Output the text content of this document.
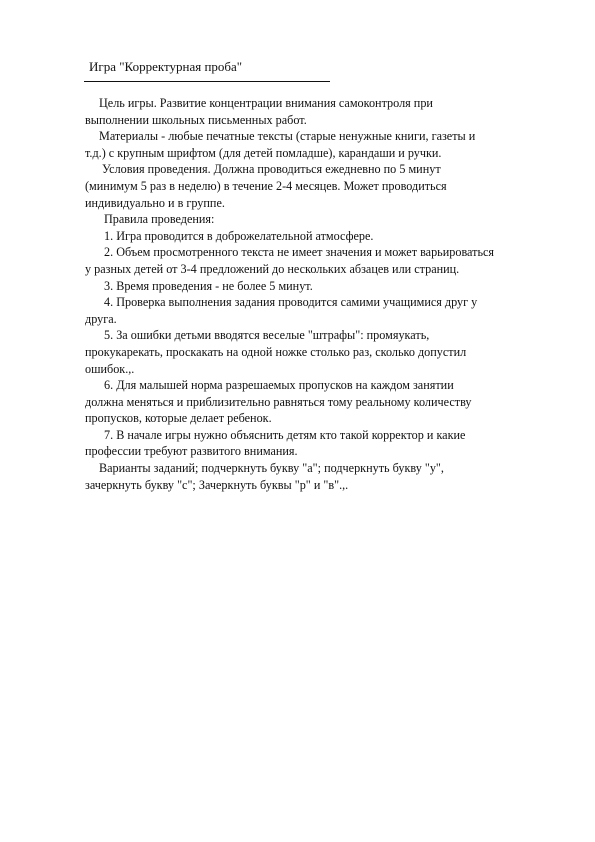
Игра "Корректурная проба"
Цель игры. Развитие концентрации внимания самоконтроля при
выполнении школьных письменных работ.
Материалы - любые печатные тексты (старые ненужные книги, газеты и
т.д.) с крупным шрифтом (для детей помладше), карандаши и ручки.
Условия проведения. Должна проводиться ежедневно по 5 минут
(минимум 5 раз в неделю) в течение 2-4 месяцев. Может проводиться
индивидуально и в группе.
Правила проведения:
1. Игра проводится в доброжелательной атмосфере.
2. Объем просмотренного текста не имеет значения и может варьироваться
у разных детей от 3-4 предложений до нескольких абзацев или страниц.
3. Время проведения - не более 5 минут.
4. Проверка выполнения задания проводится самими учащимися друг у
друга.
5. За ошибки детьми вводятся веселые "штрафы": промяукать,
прокукарекать, проскакать на одной ножке столько раз, сколько допустил
ошибок.,.
6. Для малышей норма разрешаемых пропусков на каждом занятии
должна меняться и приблизительно равняться тому реальному количеству
пропусков, которые делает ребенок.
7. В начале игры нужно объяснить детям кто такой корректор и какие
профессии требуют развитого внимания.
Варианты заданий; подчеркнуть букву "а"; подчеркнуть букву "у",
зачеркнуть букву "с"; Зачеркнуть буквы "р" и "в".,.
